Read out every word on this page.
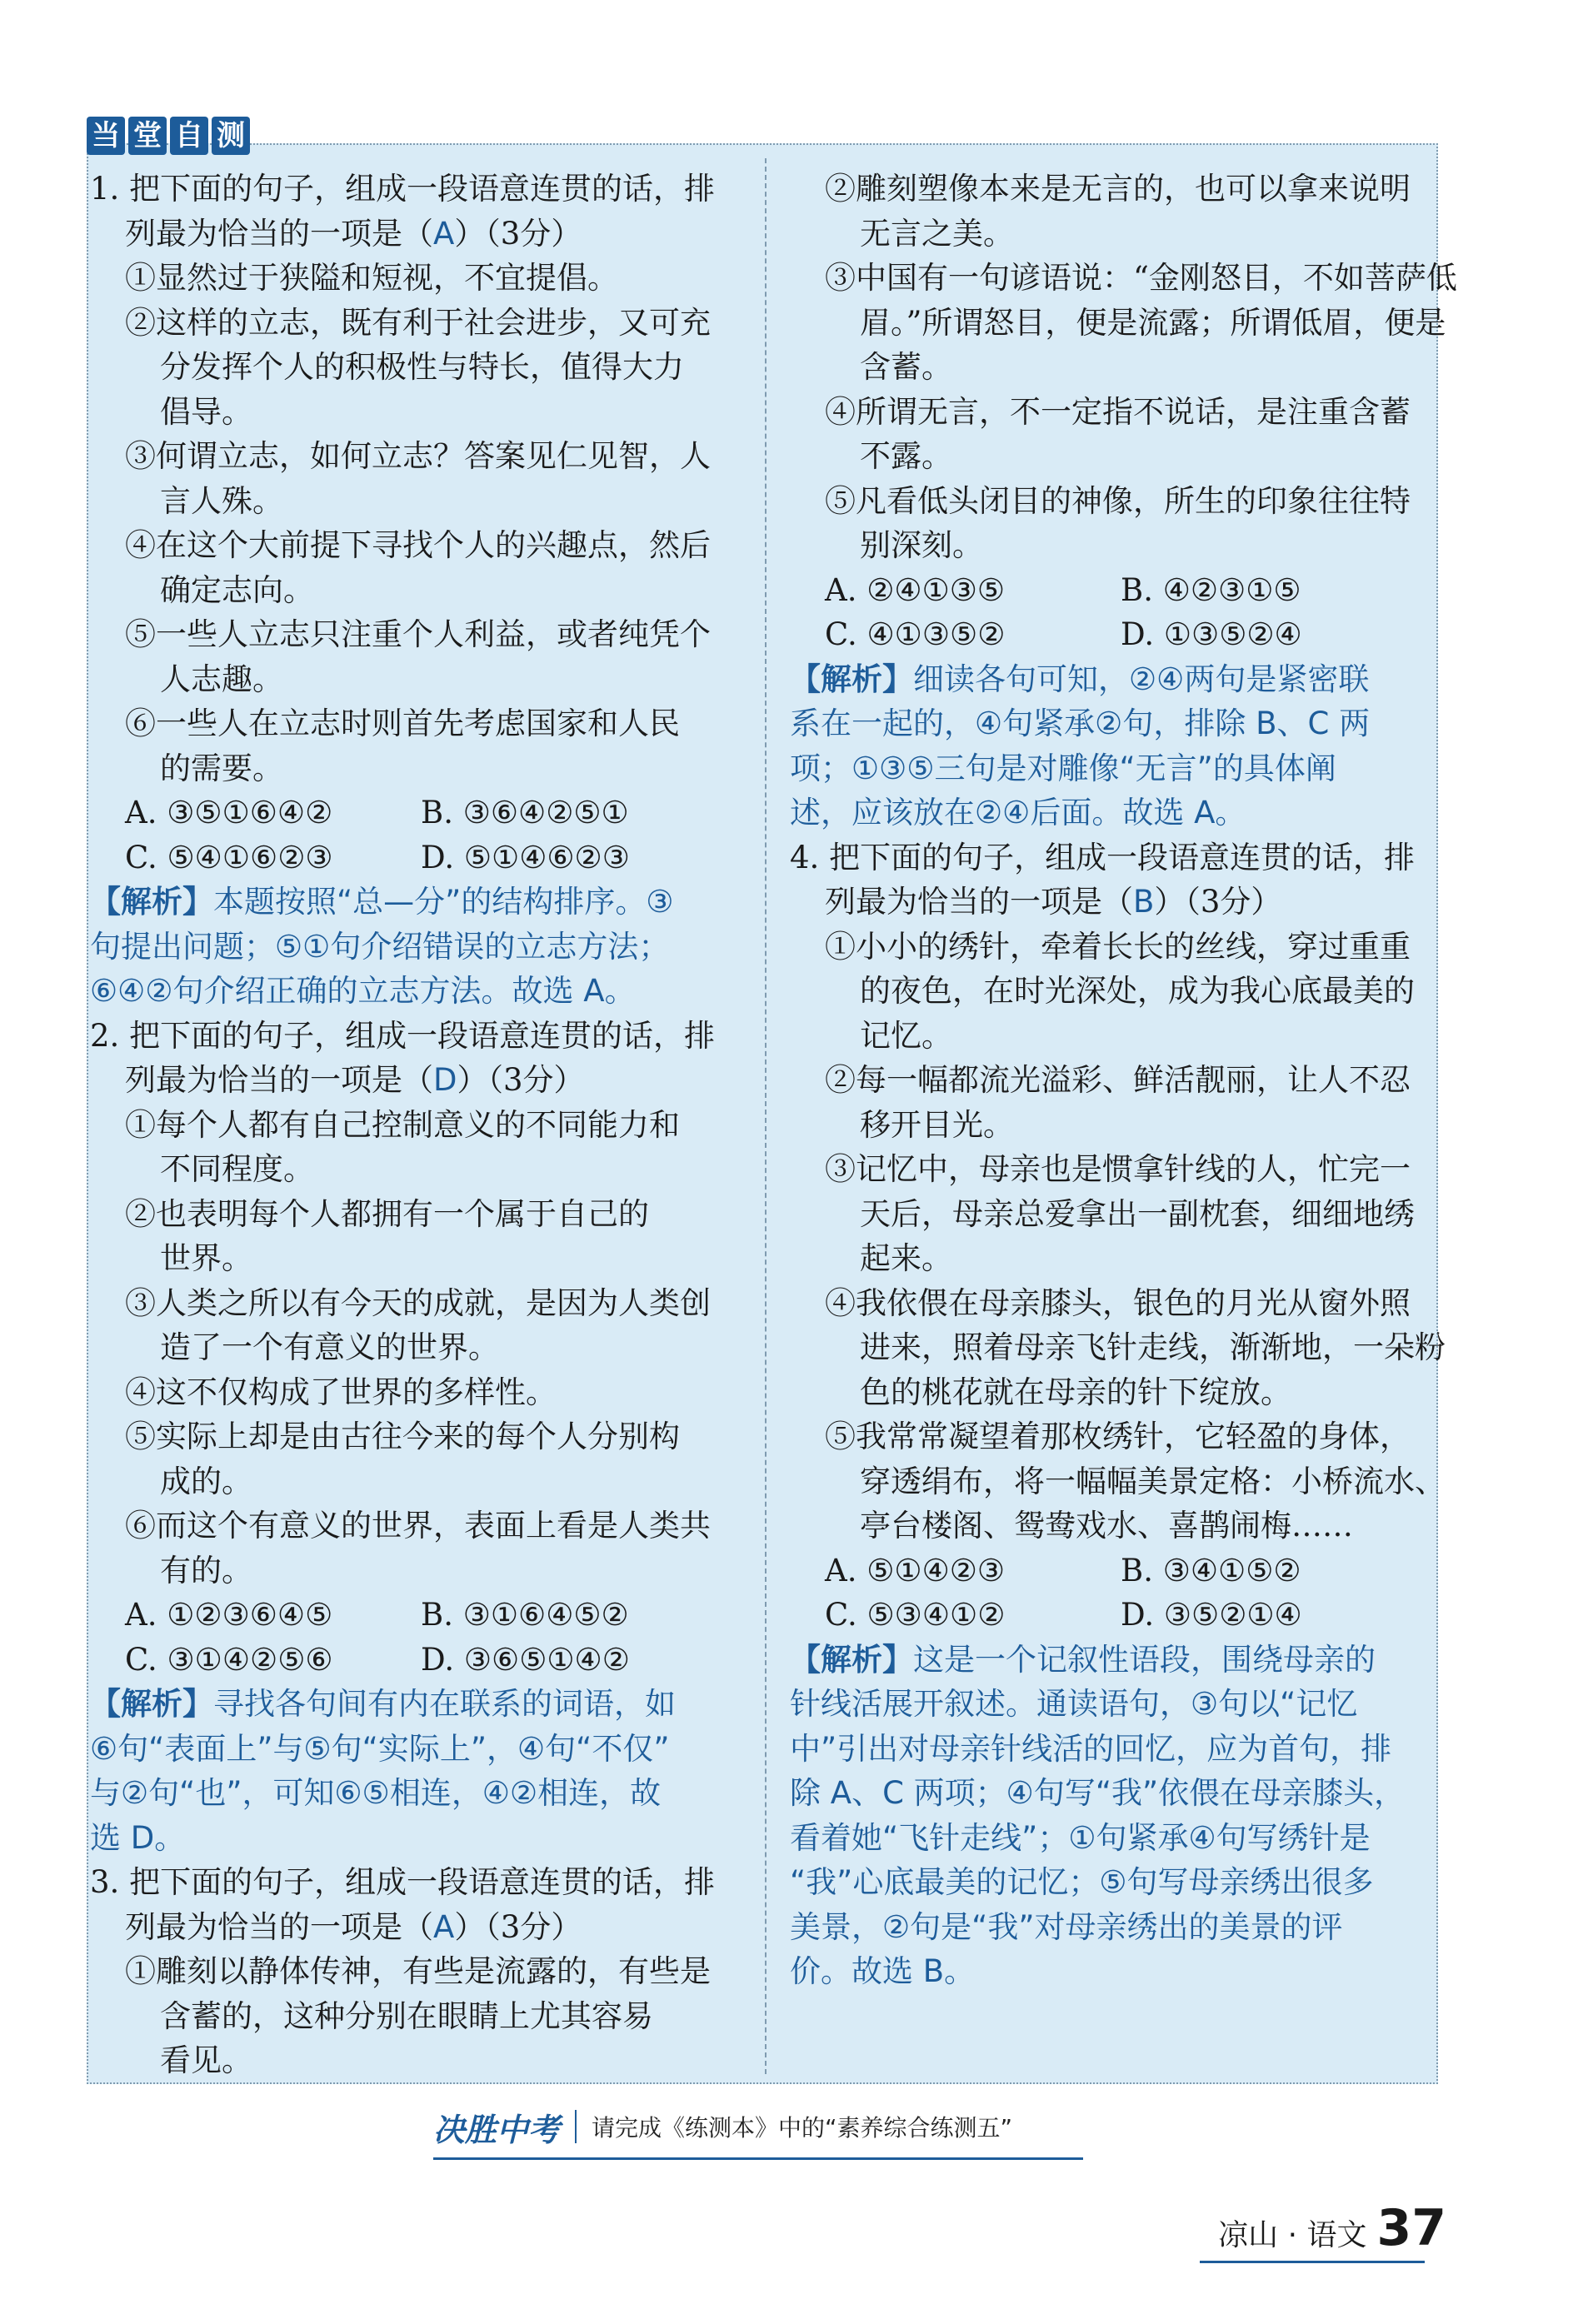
当 堂 自 测
1. 把下面的句子，组成一段语意连贯的话，排
列最为恰当的一项是（A）（3分）
①显然过于狭隘和短视，不宜提倡。
②这样的立志，既有利于社会进步，又可充
分发挥个人的积极性与特长，值得大力
倡导。
③何谓立志，如何立志？答案见仁见智，人
言人殊。
④在这个大前提下寻找个人的兴趣点，然后
确定志向。
⑤一些人立志只注重个人利益，或者纯凭个
人志趣。
⑥一些人在立志时则首先考虑国家和人民
的需要。
A. ③⑤①⑥④②	B. ③⑥④②⑤①
C. ⑤④①⑥②③	D. ⑤①④⑥②③
【解析】本题按照“总—分”的结构排序。③
句提出问题；⑤①句介绍错误的立志方法；
⑥④②句介绍正确的立志方法。故选 A。
2. 把下面的句子，组成一段语意连贯的话，排
列最为恰当的一项是（D）（3分）
①每个人都有自己控制意义的不同能力和
不同程度。
②也表明每个人都拥有一个属于自己的
世界。
③人类之所以有今天的成就，是因为人类创
造了一个有意义的世界。
④这不仅构成了世界的多样性。
⑤实际上却是由古往今来的每个人分别构
成的。
⑥而这个有意义的世界，表面上看是人类共
有的。
A. ①②③⑥④⑤	B. ③①⑥④⑤②
C. ③①④②⑤⑥	D. ③⑥⑤①④②
【解析】寻找各句间有内在联系的词语，如
⑥句“表面上”与⑤句“实际上”，④句“不仅”
与②句“也”，可知⑥⑤相连，④②相连，故
选 D。
3. 把下面的句子，组成一段语意连贯的话，排
列最为恰当的一项是（A）（3分）
①雕刻以静体传神，有些是流露的，有些是
含蓄的，这种分别在眼睛上尤其容易
看见。
②雕刻塑像本来是无言的，也可以拿来说明
无言之美。
③中国有一句谚语说：“金刚怒目，不如菩萨低
眉。”所谓怒目，便是流露；所谓低眉，便是
含蓄。
④所谓无言，不一定指不说话，是注重含蓄
不露。
⑤凡看低头闭目的神像，所生的印象往往特
别深刻。
A. ②④①③⑤	B. ④②③①⑤
C. ④①③⑤②	D. ①③⑤②④
【解析】细读各句可知，②④两句是紧密联
系在一起的，④句紧承②句，排除 B、C 两
项；①③⑤三句是对雕像“无言”的具体阐
述，应该放在②④后面。故选 A。
4. 把下面的句子，组成一段语意连贯的话，排
列最为恰当的一项是（B）（3分）
①小小的绣针，牵着长长的丝线，穿过重重
的夜色，在时光深处，成为我心底最美的
记忆。
②每一幅都流光溢彩、鲜活靓丽，让人不忍
移开目光。
③记忆中，母亲也是惯拿针线的人，忙完一
天后，母亲总爱拿出一副枕套，细细地绣
起来。
④我依偎在母亲膝头，银色的月光从窗外照
进来，照着母亲飞针走线，渐渐地，一朵粉
色的桃花就在母亲的针下绽放。
⑤我常常凝望着那枚绣针，它轻盈的身体，
穿透绢布，将一幅幅美景定格：小桥流水、
亭台楼阁、鸳鸯戏水、喜鹊闹梅……
A. ⑤①④②③	B. ③④①⑤②
C. ⑤③④①②	D. ③⑤②①④
【解析】这是一个记叙性语段，围绕母亲的
针线活展开叙述。通读语句，③句以“记忆
中”引出对母亲针线活的回忆，应为首句，排
除 A、C 两项；④句写“我”依偎在母亲膝头，
看着她“飞针走线”；①句紧承④句写绣针是
“我”心底最美的记忆；⑤句写母亲绣出很多
美景，②句是“我”对母亲绣出的美景的评
价。故选 B。
决胜中考 请完成《练测本》中的“素养综合练测五”
凉山 · 语文 37
